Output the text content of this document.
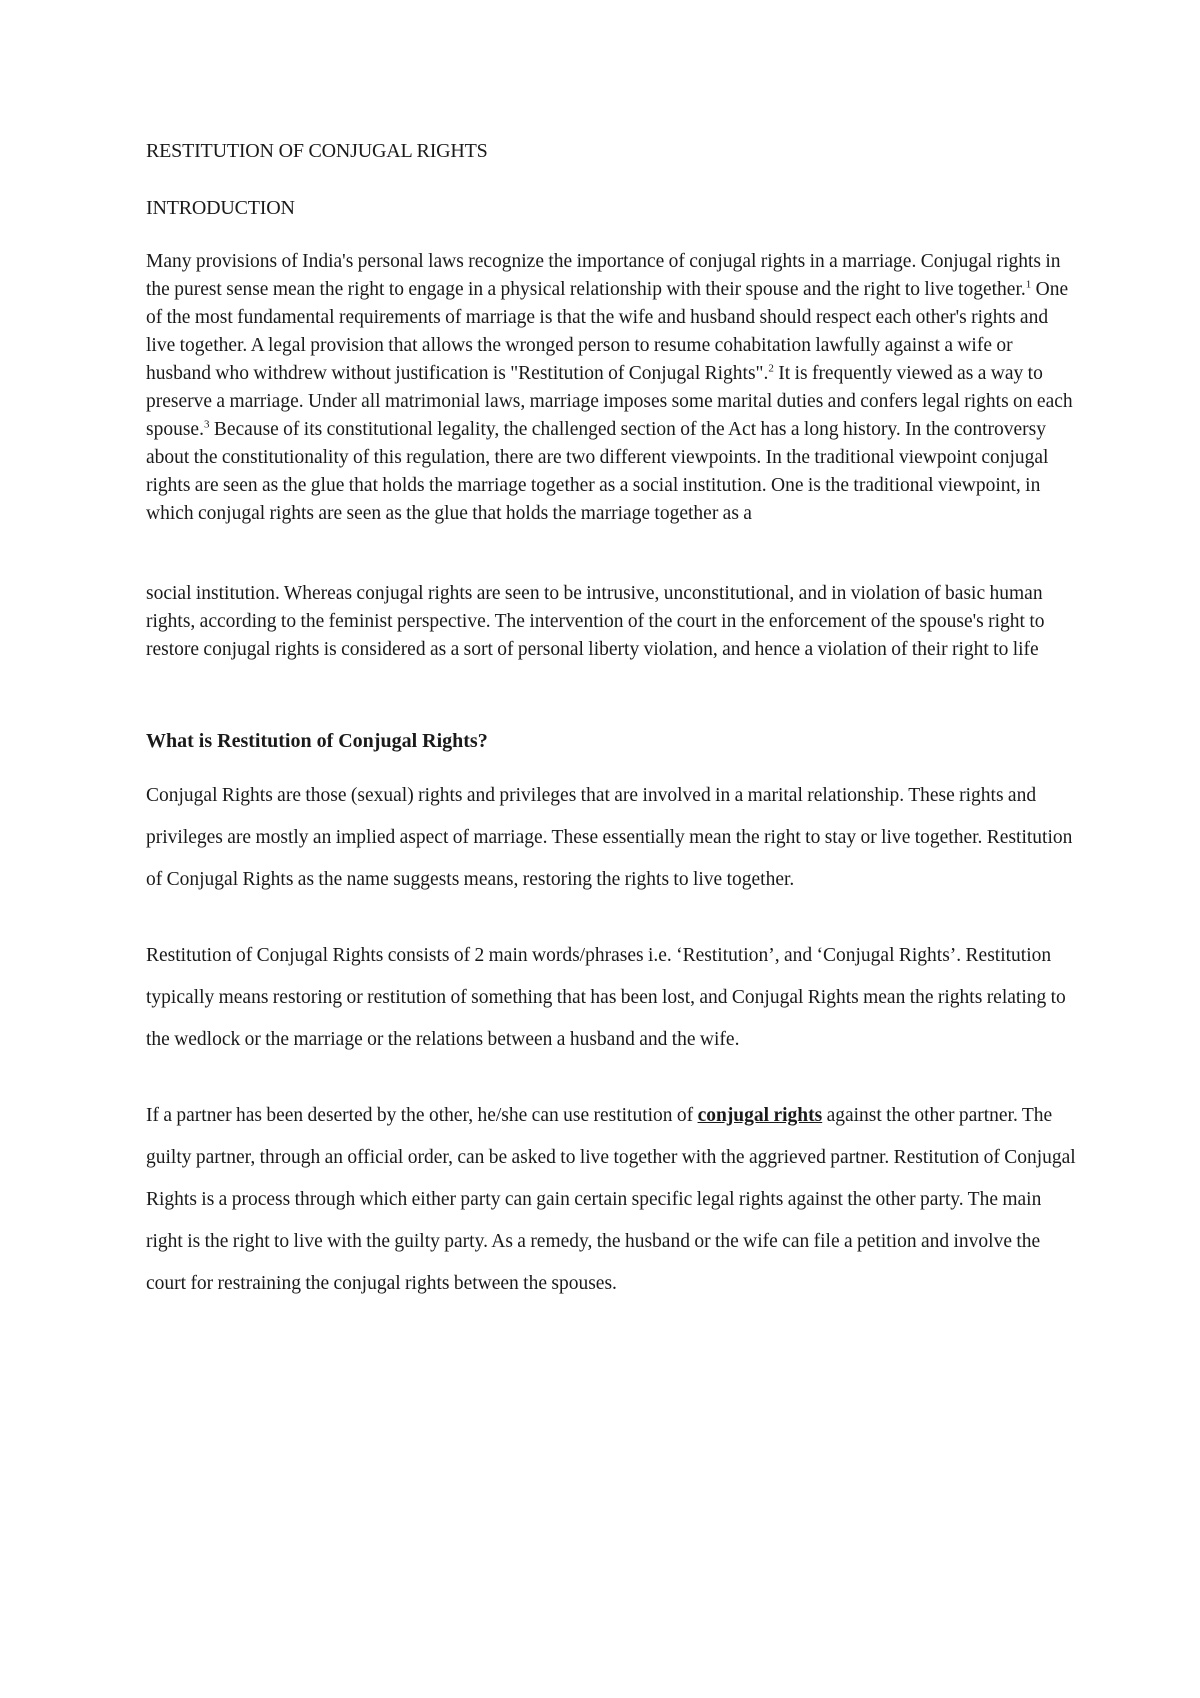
RESTITUTION OF CONJUGAL RIGHTS
INTRODUCTION

Many provisions of India's personal laws recognize the importance of conjugal rights in a marriage. Conjugal rights in the purest sense mean the right to engage in a physical relationship with their spouse and the right to live together.$^1$ One of the most fundamental requirements of marriage is that the wife and husband should respect each other's rights and live together. A legal provision that allows the wronged person to resume cohabitation lawfully against a wife or husband who withdrew without justification is "Restitution of Conjugal Rights".$^2$ It is frequently viewed as a way to preserve a marriage. Under all matrimonial laws, marriage imposes some marital duties and confers legal rights on each spouse.$^3$ Because of its constitutional legality, the challenged section of the Act has a long history. In the controversy about the constitutionality of this regulation, there are two different viewpoints. In the traditional viewpoint conjugal rights are seen as the glue that holds the marriage together as a social institution. One is the traditional viewpoint, in which conjugal rights are seen as the glue that holds the marriage together as a

social institution. Whereas conjugal rights are seen to be intrusive, unconstitutional, and in violation of basic human rights, according to the feminist perspective. The intervention of the court in the enforcement of the spouse's right to restore conjugal rights is considered as a sort of personal liberty violation, and hence a violation of their right to life

What is Restitution of Conjugal Rights?

Conjugal Rights are those (sexual) rights and privileges that are involved in a marital relationship. These rights and privileges are mostly an implied aspect of marriage. These essentially mean the right to stay or live together. Restitution of Conjugal Rights as the name suggests means, restoring the rights to live together.

Restitution of Conjugal Rights consists of 2 main words/phrases i.e. ‘Restitution’, and ‘Conjugal Rights’. Restitution typically means restoring or restitution of something that has been lost, and Conjugal Rights mean the rights relating to the wedlock or the marriage or the relations between a husband and the wife.

If a partner has been deserted by the other, he/she can use restitution of conjugal rights against the other partner. The guilty partner, through an official order, can be asked to live together with the aggrieved partner. Restitution of Conjugal Rights is a process through which either party can gain certain specific legal rights against the other party. The main right is the right to live with the guilty party. As a remedy, the husband or the wife can file a petition and involve the court for restraining the conjugal rights between the spouses.
